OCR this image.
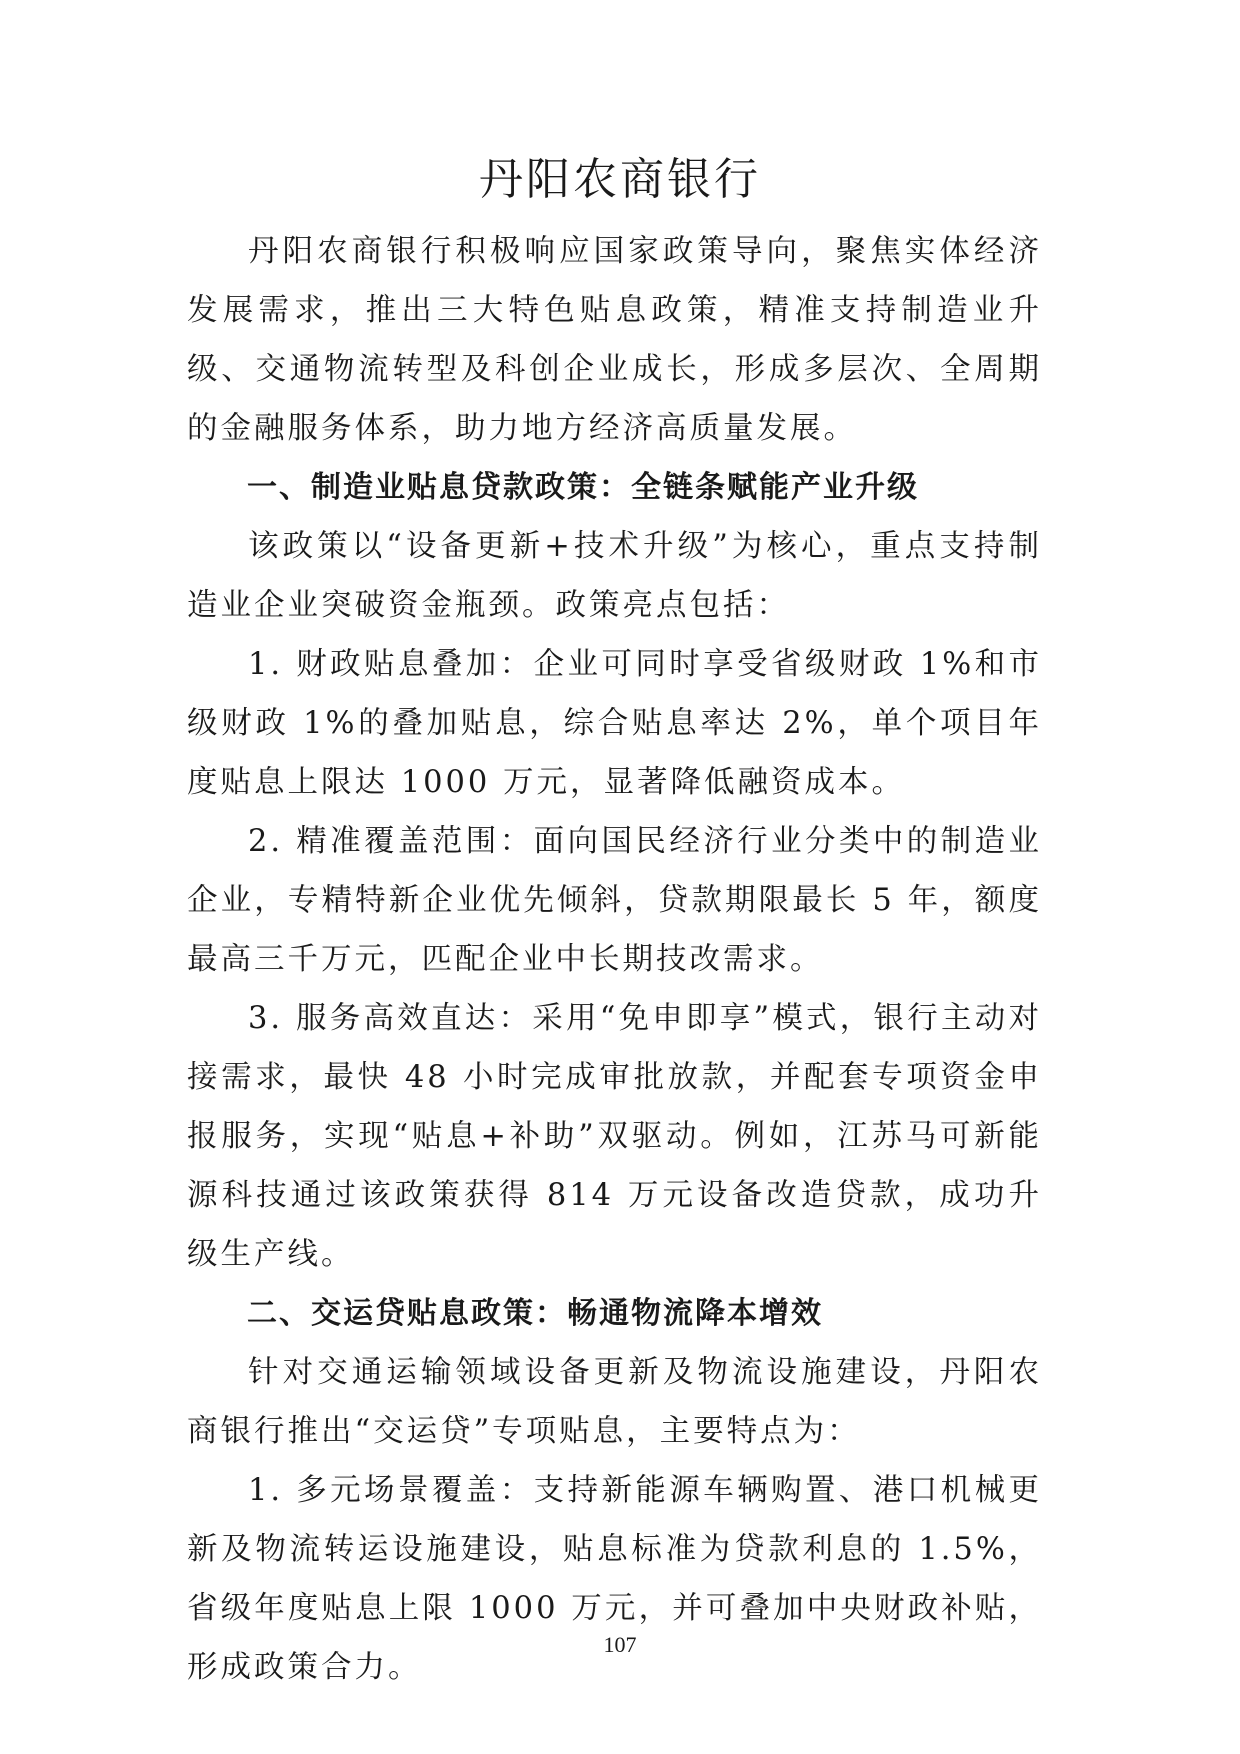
丹阳农商银行

丹阳农商银行积极响应国家政策导向，聚焦实体经济发展需求，推出三大特色贴息政策，精准支持制造业升级、交通物流转型及科创企业成长，形成多层次、全周期的金融服务体系，助力地方经济高质量发展。

一、制造业贴息贷款政策：全链条赋能产业升级

该政策以“设备更新+技术升级”为核心，重点支持制造业企业突破资金瓶颈。政策亮点包括：

1. 财政贴息叠加：企业可同时享受省级财政 1%和市级财政 1%的叠加贴息，综合贴息率达 2%，单个项目年度贴息上限达 1000 万元，显著降低融资成本。

2. 精准覆盖范围：面向国民经济行业分类中的制造业企业，专精特新企业优先倾斜，贷款期限最长 5 年，额度最高三千万元，匹配企业中长期技改需求。

3. 服务高效直达：采用“免申即享”模式，银行主动对接需求，最快 48 小时完成审批放款，并配套专项资金申报服务，实现“贴息+补助”双驱动。例如，江苏马可新能源科技通过该政策获得 814 万元设备改造贷款，成功升级生产线。

二、交运贷贴息政策：畅通物流降本增效

针对交通运输领域设备更新及物流设施建设，丹阳农商银行推出“交运贷”专项贴息，主要特点为：

1. 多元场景覆盖：支持新能源车辆购置、港口机械更新及物流转运设施建设，贴息标准为贷款利息的 1.5%，省级年度贴息上限 1000 万元，并可叠加中央财政补贴，形成政策合力。

107
